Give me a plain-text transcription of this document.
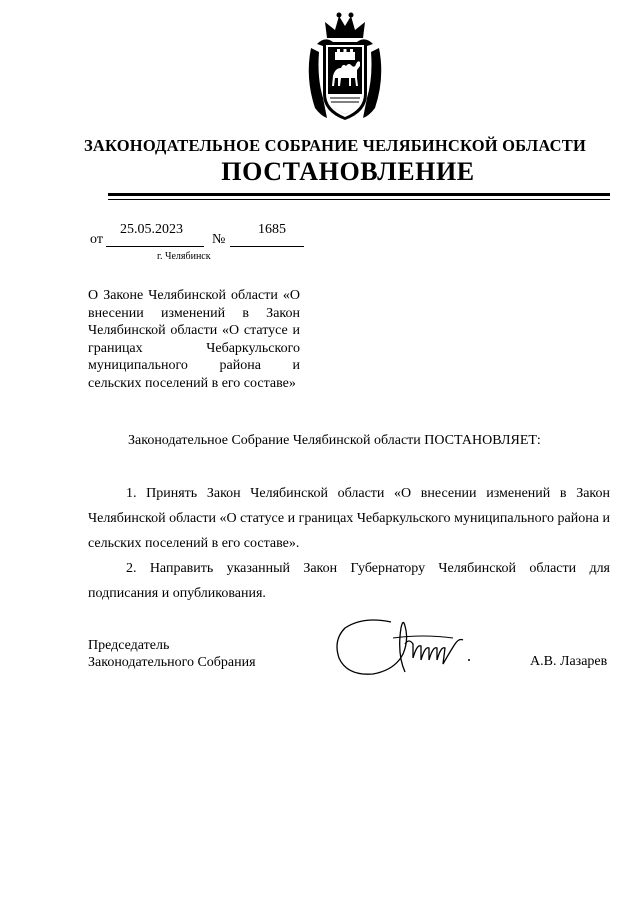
ЗАКОНОДАТЕЛЬНОЕ СОБРАНИЕ ЧЕЛЯБИНСКОЙ ОБЛАСТИ
ПОСТАНОВЛЕНИЕ
от
25.05.2023
№
1685
г. Челябинск
О Законе Челябинской области «О внесении изменений в Закон Челябинской области «О статусе и границах Чебаркульского муниципального района и сельских поселений в его составе»
Законодательное Собрание Челябинской области ПОСТАНОВЛЯЕТ:

1. Принять Закон Челябинской области «О внесении изменений в Закон Челябинской области «О статусе и границах Чебаркульского муниципального района и сельских поселений в его составе».

2. Направить указанный Закон Губернатору Челябинской области для подписания и опубликования.

Председатель
Законодательного Собрания	А.В. Лазарев
